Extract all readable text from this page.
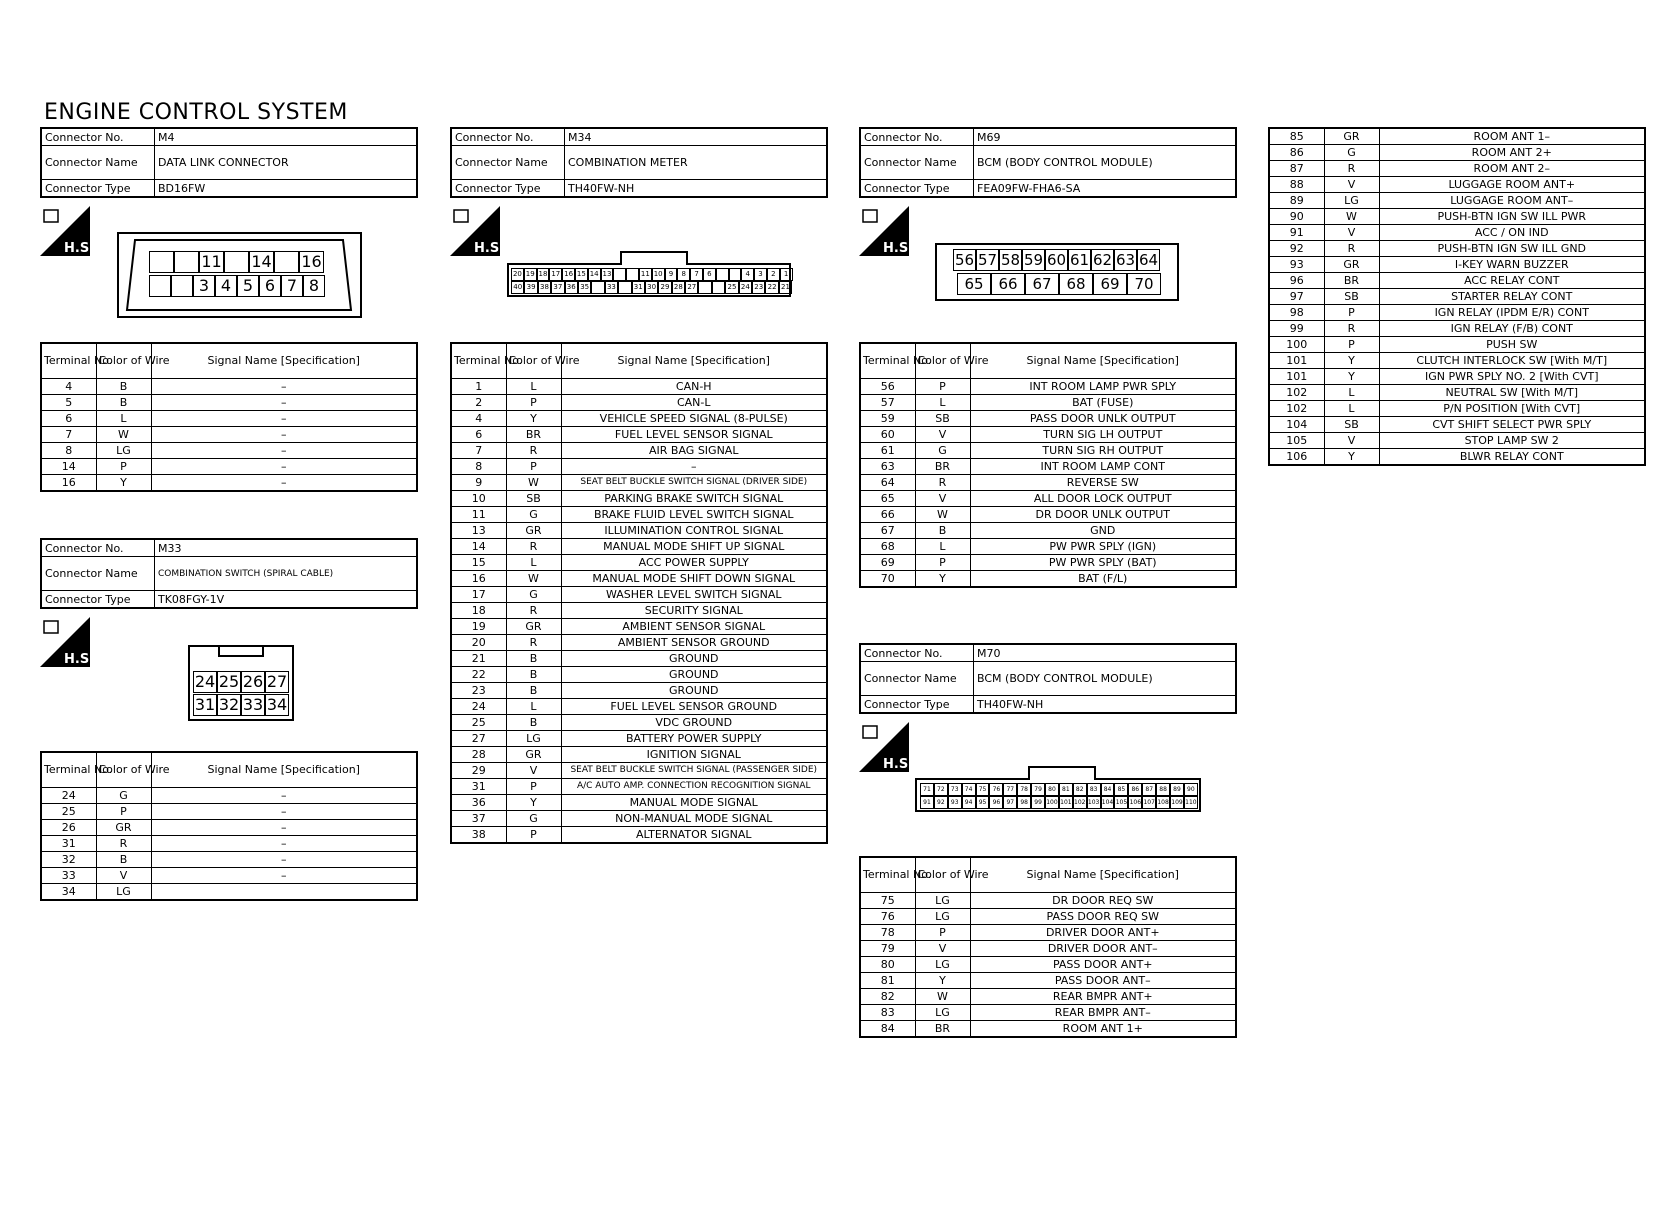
ENGINE CONTROL SYSTEM
Connector No.	M4
Connector Name	DATA LINK CONNECTOR
Connector Type	BD16FW
H.S.
11 14 16
3 4 5 6 7 8
Terminal No.	Color of Wire	Signal Name [Specification]
4	B	–
5	B	–
6	L	–
7	W	–
8	LG	–
14	P	–
16	Y	–
Connector No.	M33
Connector Name	COMBINATION SWITCH (SPIRAL CABLE)
Connector Type	TK08FGY-1V
H.S.
24 25 26 27
31 32 33 34
Terminal No.	Color of Wire	Signal Name [Specification]
24	G	–
25	P	–
26	GR	–
31	R	–
32	B	–
33	V	–
34	LG	
Connector No.	M34
Connector Name	COMBINATION METER
Connector Type	TH40FW-NH
H.S.
20 19 18 17 16 15 14 13	11 10 9	8	7	6	4	3	2	1
40 39 38 37 36 35	33	31 30 29 28 27	25 24 23 22 21
Terminal No.	Color of Wire	Signal Name [Specification]
1	L	CAN-H
2	P	CAN-L
4	Y	VEHICLE SPEED SIGNAL (8-PULSE)
6	BR	FUEL LEVEL SENSOR SIGNAL
7	R	AIR BAG SIGNAL
8	P	–
9	W	SEAT BELT BUCKLE SWITCH SIGNAL (DRIVER SIDE)
10	SB	PARKING BRAKE SWITCH SIGNAL
11	G	BRAKE FLUID LEVEL SWITCH SIGNAL
13	GR	ILLUMINATION CONTROL SIGNAL
14	R	MANUAL MODE SHIFT UP SIGNAL
15	L	ACC POWER SUPPLY
16	W	MANUAL MODE SHIFT DOWN SIGNAL
17	G	WASHER LEVEL SWITCH SIGNAL
18	R	SECURITY SIGNAL
19	GR	AMBIENT SENSOR SIGNAL
20	R	AMBIENT SENSOR GROUND
21	B	GROUND
22	B	GROUND
23	B	GROUND
24	L	FUEL LEVEL SENSOR GROUND
25	B	VDC GROUND
27	LG	BATTERY POWER SUPPLY
28	GR	IGNITION SIGNAL
29	V	SEAT BELT BUCKLE SWITCH SIGNAL (PASSENGER SIDE)
31	P	A/C AUTO AMP. CONNECTION RECOGNITION SIGNAL
36	Y	MANUAL MODE SIGNAL
37	G	NON-MANUAL MODE SIGNAL
38	P	ALTERNATOR SIGNAL
Connector No.	M69
Connector Name	BCM (BODY CONTROL MODULE)
Connector Type	FEA09FW-FHA6-SA
H.S.
56 57 58 59 60 61 62 63 64
65 66 67 68 69 70
Terminal No.	Color of Wire	Signal Name [Specification]
56	P	INT ROOM LAMP PWR SPLY
57	L	BAT (FUSE)
59	SB	PASS DOOR UNLK OUTPUT
60	V	TURN SIG LH OUTPUT
61	G	TURN SIG RH OUTPUT
63	BR	INT ROOM LAMP CONT
64	R	REVERSE SW
65	V	ALL DOOR LOCK OUTPUT
66	W	DR DOOR UNLK OUTPUT
67	B	GND
68	L	PW PWR SPLY (IGN)
69	P	PW PWR SPLY (BAT)
70	Y	BAT (F/L)
Connector No.	M70
Connector Name	BCM (BODY CONTROL MODULE)
Connector Type	TH40FW-NH
H.S.
71	72	73	74	75	76	77	78	79	80	81	82	83	84	85	86	87	88	89	90
91	92	93	94	95	96	97	98	99 100 101 102 103 104 105 106 107 108 109 110
Terminal No.	Color of Wire	Signal Name [Specification]
75	LG	DR DOOR REQ SW
76	LG	PASS DOOR REQ SW
78	P	DRIVER DOOR ANT+
79	V	DRIVER DOOR ANT–
80	LG	PASS DOOR ANT+
81	Y	PASS DOOR ANT–
82	W	REAR BMPR ANT+
83	LG	REAR BMPR ANT–
84	BR	ROOM ANT 1+
85	GR	ROOM ANT 1–
86	G	ROOM ANT 2+
87	R	ROOM ANT 2–
88	V	LUGGAGE ROOM ANT+
89	LG	LUGGAGE ROOM ANT–
90	W	PUSH-BTN IGN SW ILL PWR
91	V	ACC / ON IND
92	R	PUSH-BTN IGN SW ILL GND
93	GR	I-KEY WARN BUZZER
96	BR	ACC RELAY CONT
97	SB	STARTER RELAY CONT
98	P	IGN RELAY (IPDM E/R) CONT
99	R	IGN RELAY (F/B) CONT
100	P	PUSH SW
101	Y	CLUTCH INTERLOCK SW [With M/T]
101	Y	IGN PWR SPLY NO. 2 [With CVT]
102	L	NEUTRAL SW [With M/T]
102	L	P/N POSITION [With CVT]
104	SB	CVT SHIFT SELECT PWR SPLY
105	V	STOP LAMP SW 2
106	Y	BLWR RELAY CONT
